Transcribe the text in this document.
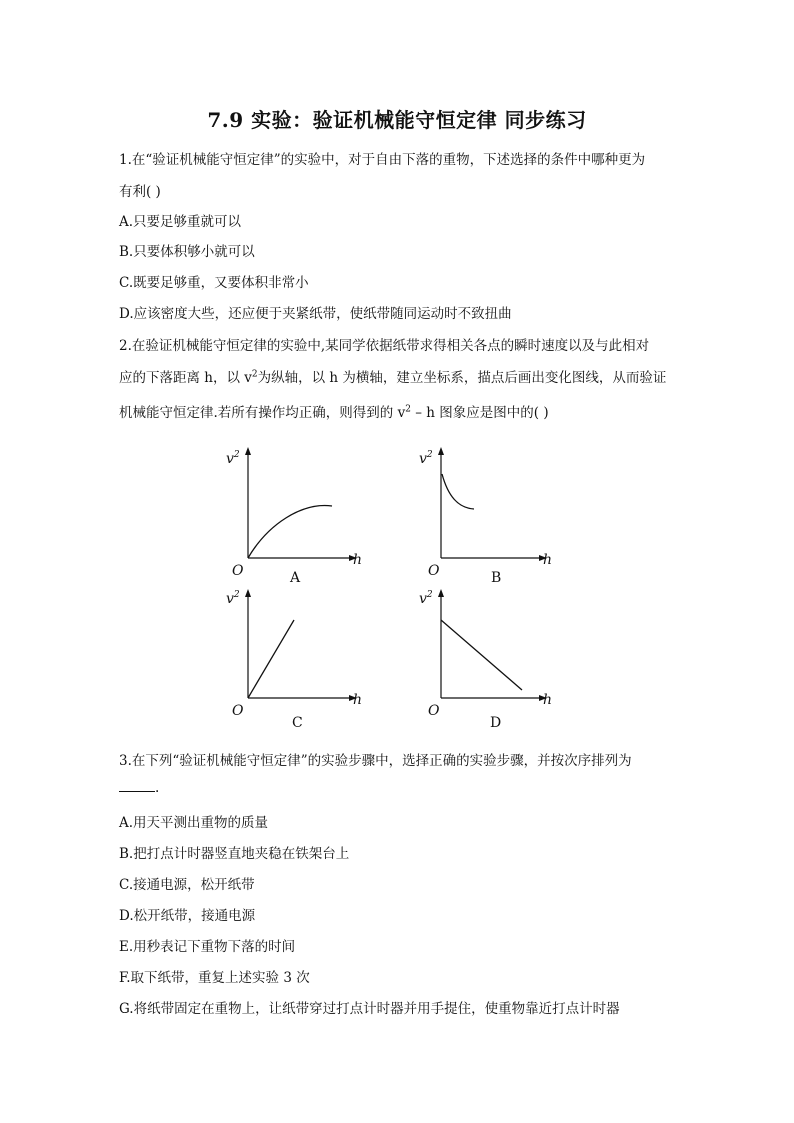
7.9 实验：验证机械能守恒定律 同步练习
1.在“验证机械能守恒定律”的实验中，对于自由下落的重物，下述选择的条件中哪种更为
有利( )
A.只要足够重就可以
B.只要体积够小就可以
C.既要足够重，又要体积非常小
D.应该密度大些，还应便于夹紧纸带，使纸带随同运动时不致扭曲
2.在验证机械能守恒定律的实验中,某同学依据纸带求得相关各点的瞬时速度以及与此相对
应的下落距离 h，以 $v^2$为纵轴，以 h 为横轴，建立坐标系，描点后画出变化图线，从而验证
机械能守恒定律.若所有操作均正确，则得到的 $v^2$ – h 图象应是图中的( )
$v^2$
h
O	A
$v^2$
h
O	B
$v^2$
h
O
C
$v^2$
h
O
D
3.在下列“验证机械能守恒定律”的实验步骤中，选择正确的实验步骤，并按次序排列为
.
A.用天平测出重物的质量
B.把打点计时器竖直地夹稳在铁架台上
C.接通电源，松开纸带
D.松开纸带，接通电源
E.用秒表记下重物下落的时间
F.取下纸带，重复上述实验 3 次
G.将纸带固定在重物上，让纸带穿过打点计时器并用手提住，使重物靠近打点计时器
